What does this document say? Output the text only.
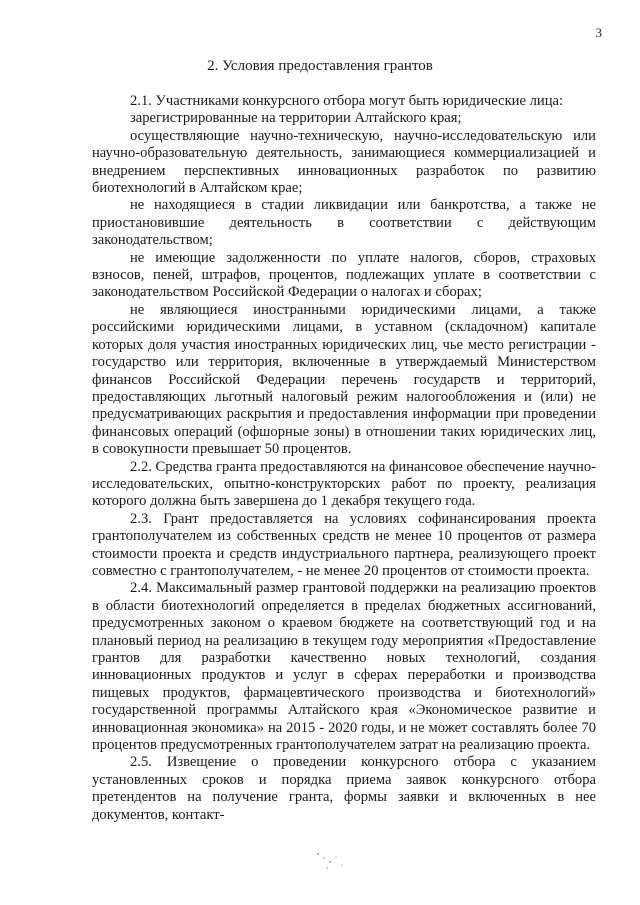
3
2. Условия предоставления грантов

2.1. Участниками конкурсного отбора могут быть юридические лица:

зарегистрированные на территории Алтайского края;

осуществляющие научно-техническую, научно-исследовательскую или научно-образовательную деятельность, занимающиеся коммерциализацией и внедрением перспективных инновационных разработок по развитию биотехнологий в Алтайском крае;

не находящиеся в стадии ликвидации или банкротства, а также не приостановившие деятельность в соответствии с действующим законодательством;

не имеющие задолженности по уплате налогов, сборов, страховых взносов, пеней, штрафов, процентов, подлежащих уплате в соответствии с законодательством Российской Федерации о налогах и сборах;

не являющиеся иностранными юридическими лицами, а также российскими юридическими лицами, в уставном (складочном) капитале которых доля участия иностранных юридических лиц, чье место регистрации - государство или территория, включенные в утверждаемый Министерством финансов Российской Федерации перечень государств и территорий, предоставляющих льготный налоговый режим налогообложения и (или) не предусматривающих раскрытия и предоставления информации при проведении финансовых операций (офшорные зоны) в отношении таких юридических лиц, в совокупности превышает 50 процентов.

2.2. Средства гранта предоставляются на финансовое обеспечение научно-исследовательских, опытно-конструкторских работ по проекту, реализация которого должна быть завершена до 1 декабря текущего года.

2.3. Грант предоставляется на условиях софинансирования проекта грантополучателем из собственных средств не менее 10 процентов от размера стоимости проекта и средств индустриального партнера, реализующего проект совместно с грантополучателем, - не менее 20 процентов от стоимости проекта.

2.4. Максимальный размер грантовой поддержки на реализацию проектов в области биотехнологий определяется в пределах бюджетных ассигнований, предусмотренных законом о краевом бюджете на соответствующий год и на плановый период на реализацию в текущем году мероприятия «Предоставление грантов для разработки качественно новых технологий, создания инновационных продуктов и услуг в сферах переработки и производства пищевых продуктов, фармацевтического производства и биотехнологий» государственной программы Алтайского края «Экономическое развитие и инновационная экономика» на 2015 - 2020 годы, и не может составлять более 70 процентов предусмотренных грантополучателем затрат на реализацию проекта.

2.5. Извещение о проведении конкурсного отбора с указанием установленных сроков и порядка приема заявок конкурсного отбора претендентов на получение гранта, формы заявки и включенных в нее документов, контакт-
